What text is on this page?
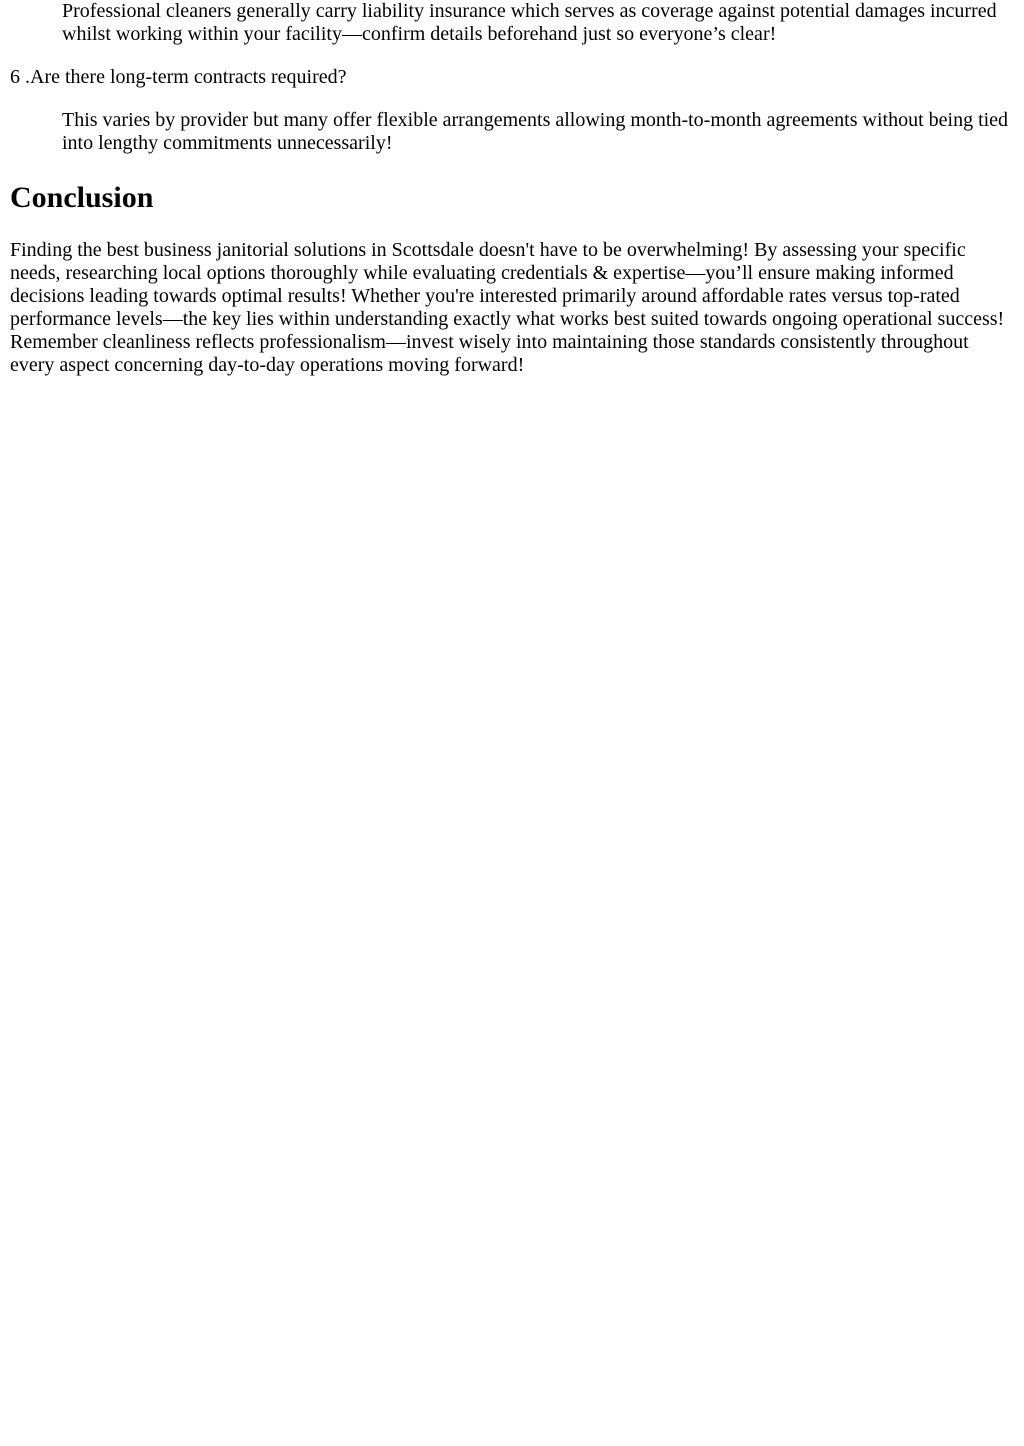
Professional cleaners generally carry liability insurance which serves as coverage against potential damages incurred whilst working within your facility—confirm details beforehand just so everyone’s clear!

6 .Are there long-term contracts required?

This varies by provider but many offer flexible arrangements allowing month-to-month agreements without being tied into lengthy commitments unnecessarily!

Conclusion

Finding the best business janitorial solutions in Scottsdale doesn't have to be overwhelming! By assessing your specific needs, researching local options thoroughly while evaluating credentials & expertise—you’ll ensure making informed decisions leading towards optimal results! Whether you're interested primarily around affordable rates versus top-rated performance levels—the key lies within understanding exactly what works best suited towards ongoing operational success! Remember cleanliness reflects professionalism—invest wisely into maintaining those standards consistently throughout every aspect concerning day-to-day operations moving forward!
